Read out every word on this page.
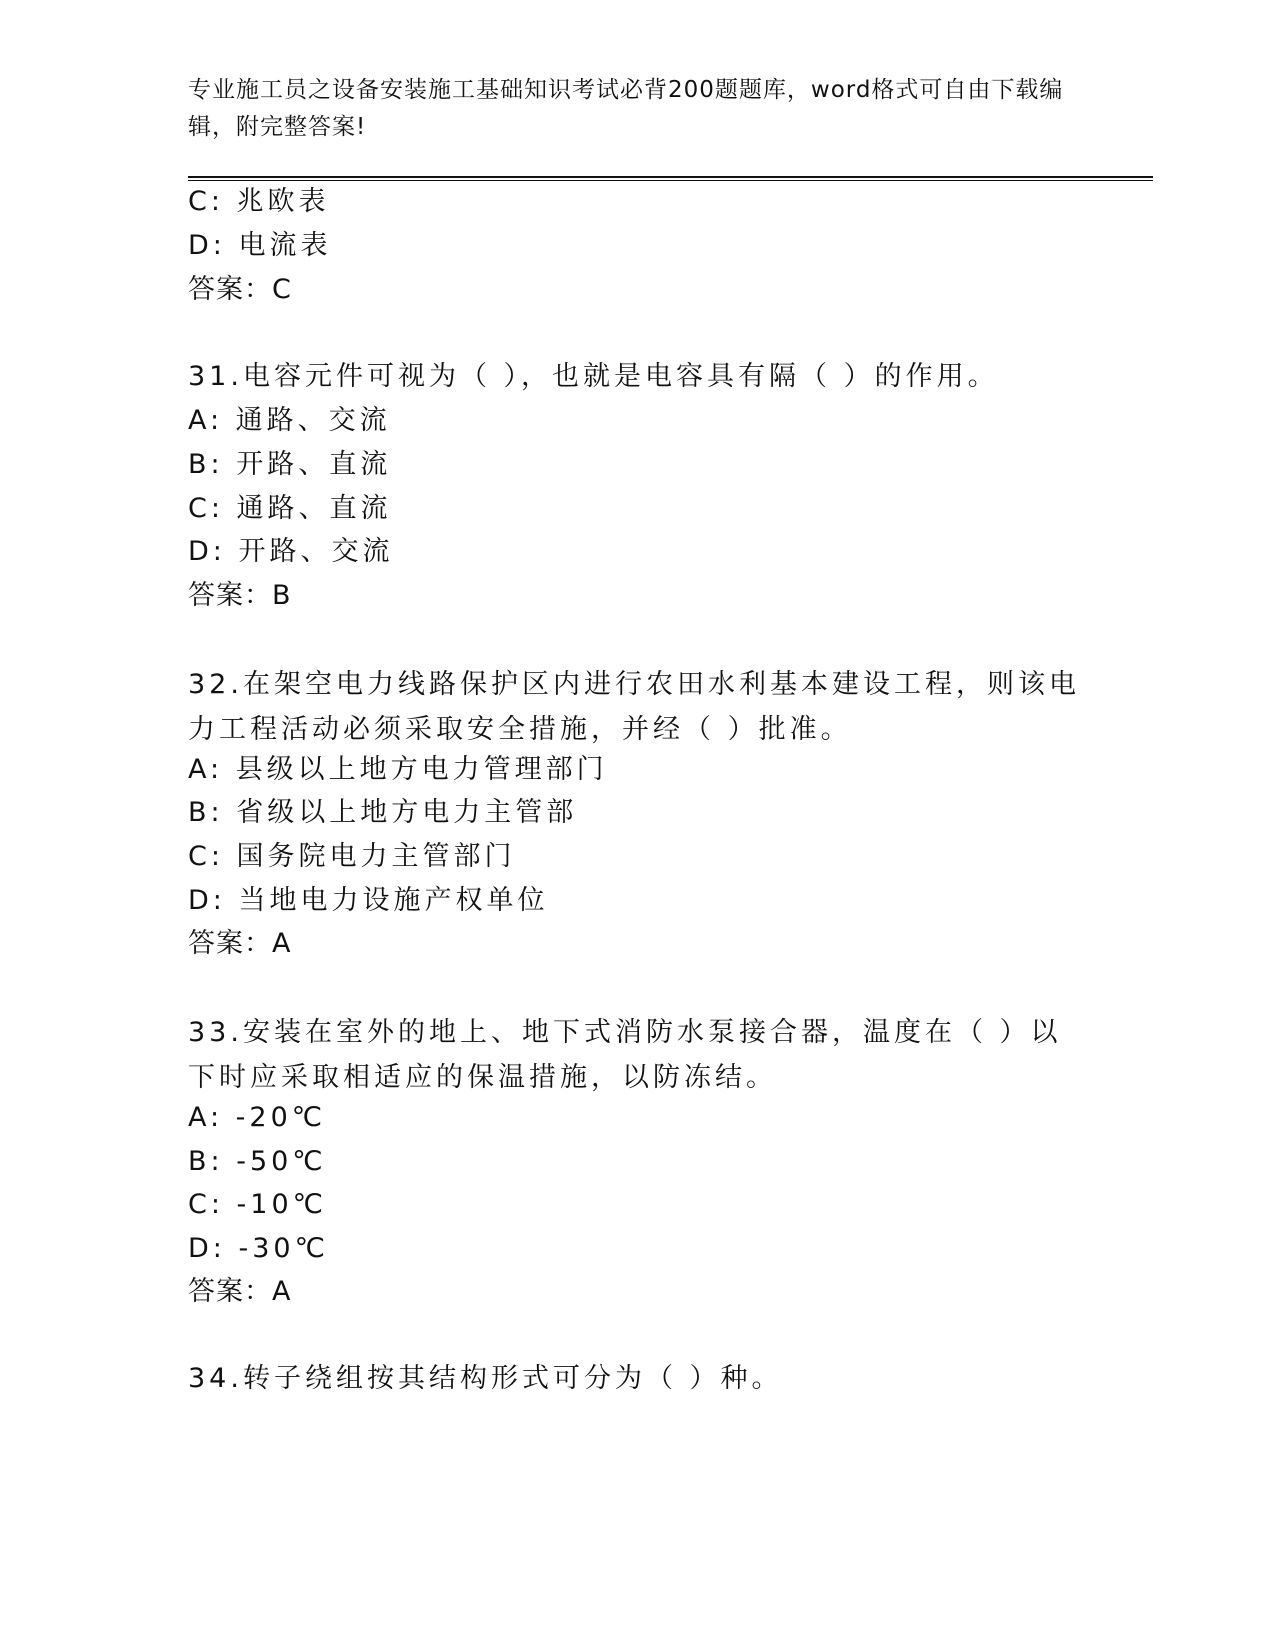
专业施工员之设备安装施工基础知识考试必背200题题库，word格式可自由下载编辑，附完整答案!
C: 兆欧表
D: 电流表
答案：C
31.电容元件可视为（ ），也就是电容具有隔（ ）的作用。
A: 通路、交流
B: 开路、直流
C: 通路、直流
D: 开路、交流
答案：B
32.在架空电力线路保护区内进行农田水利基本建设工程，则该电力工程活动必须采取安全措施，并经（ ）批准。
A: 县级以上地方电力管理部门
B: 省级以上地方电力主管部
C: 国务院电力主管部门
D: 当地电力设施产权单位
答案：A
33.安装在室外的地上、地下式消防水泵接合器，温度在（ ）以下时应采取相适应的保温措施，以防冻结。
A: -20℃
B: -50℃
C: -10℃
D: -30℃
答案：A
34.转子绕组按其结构形式可分为（ ）种。
